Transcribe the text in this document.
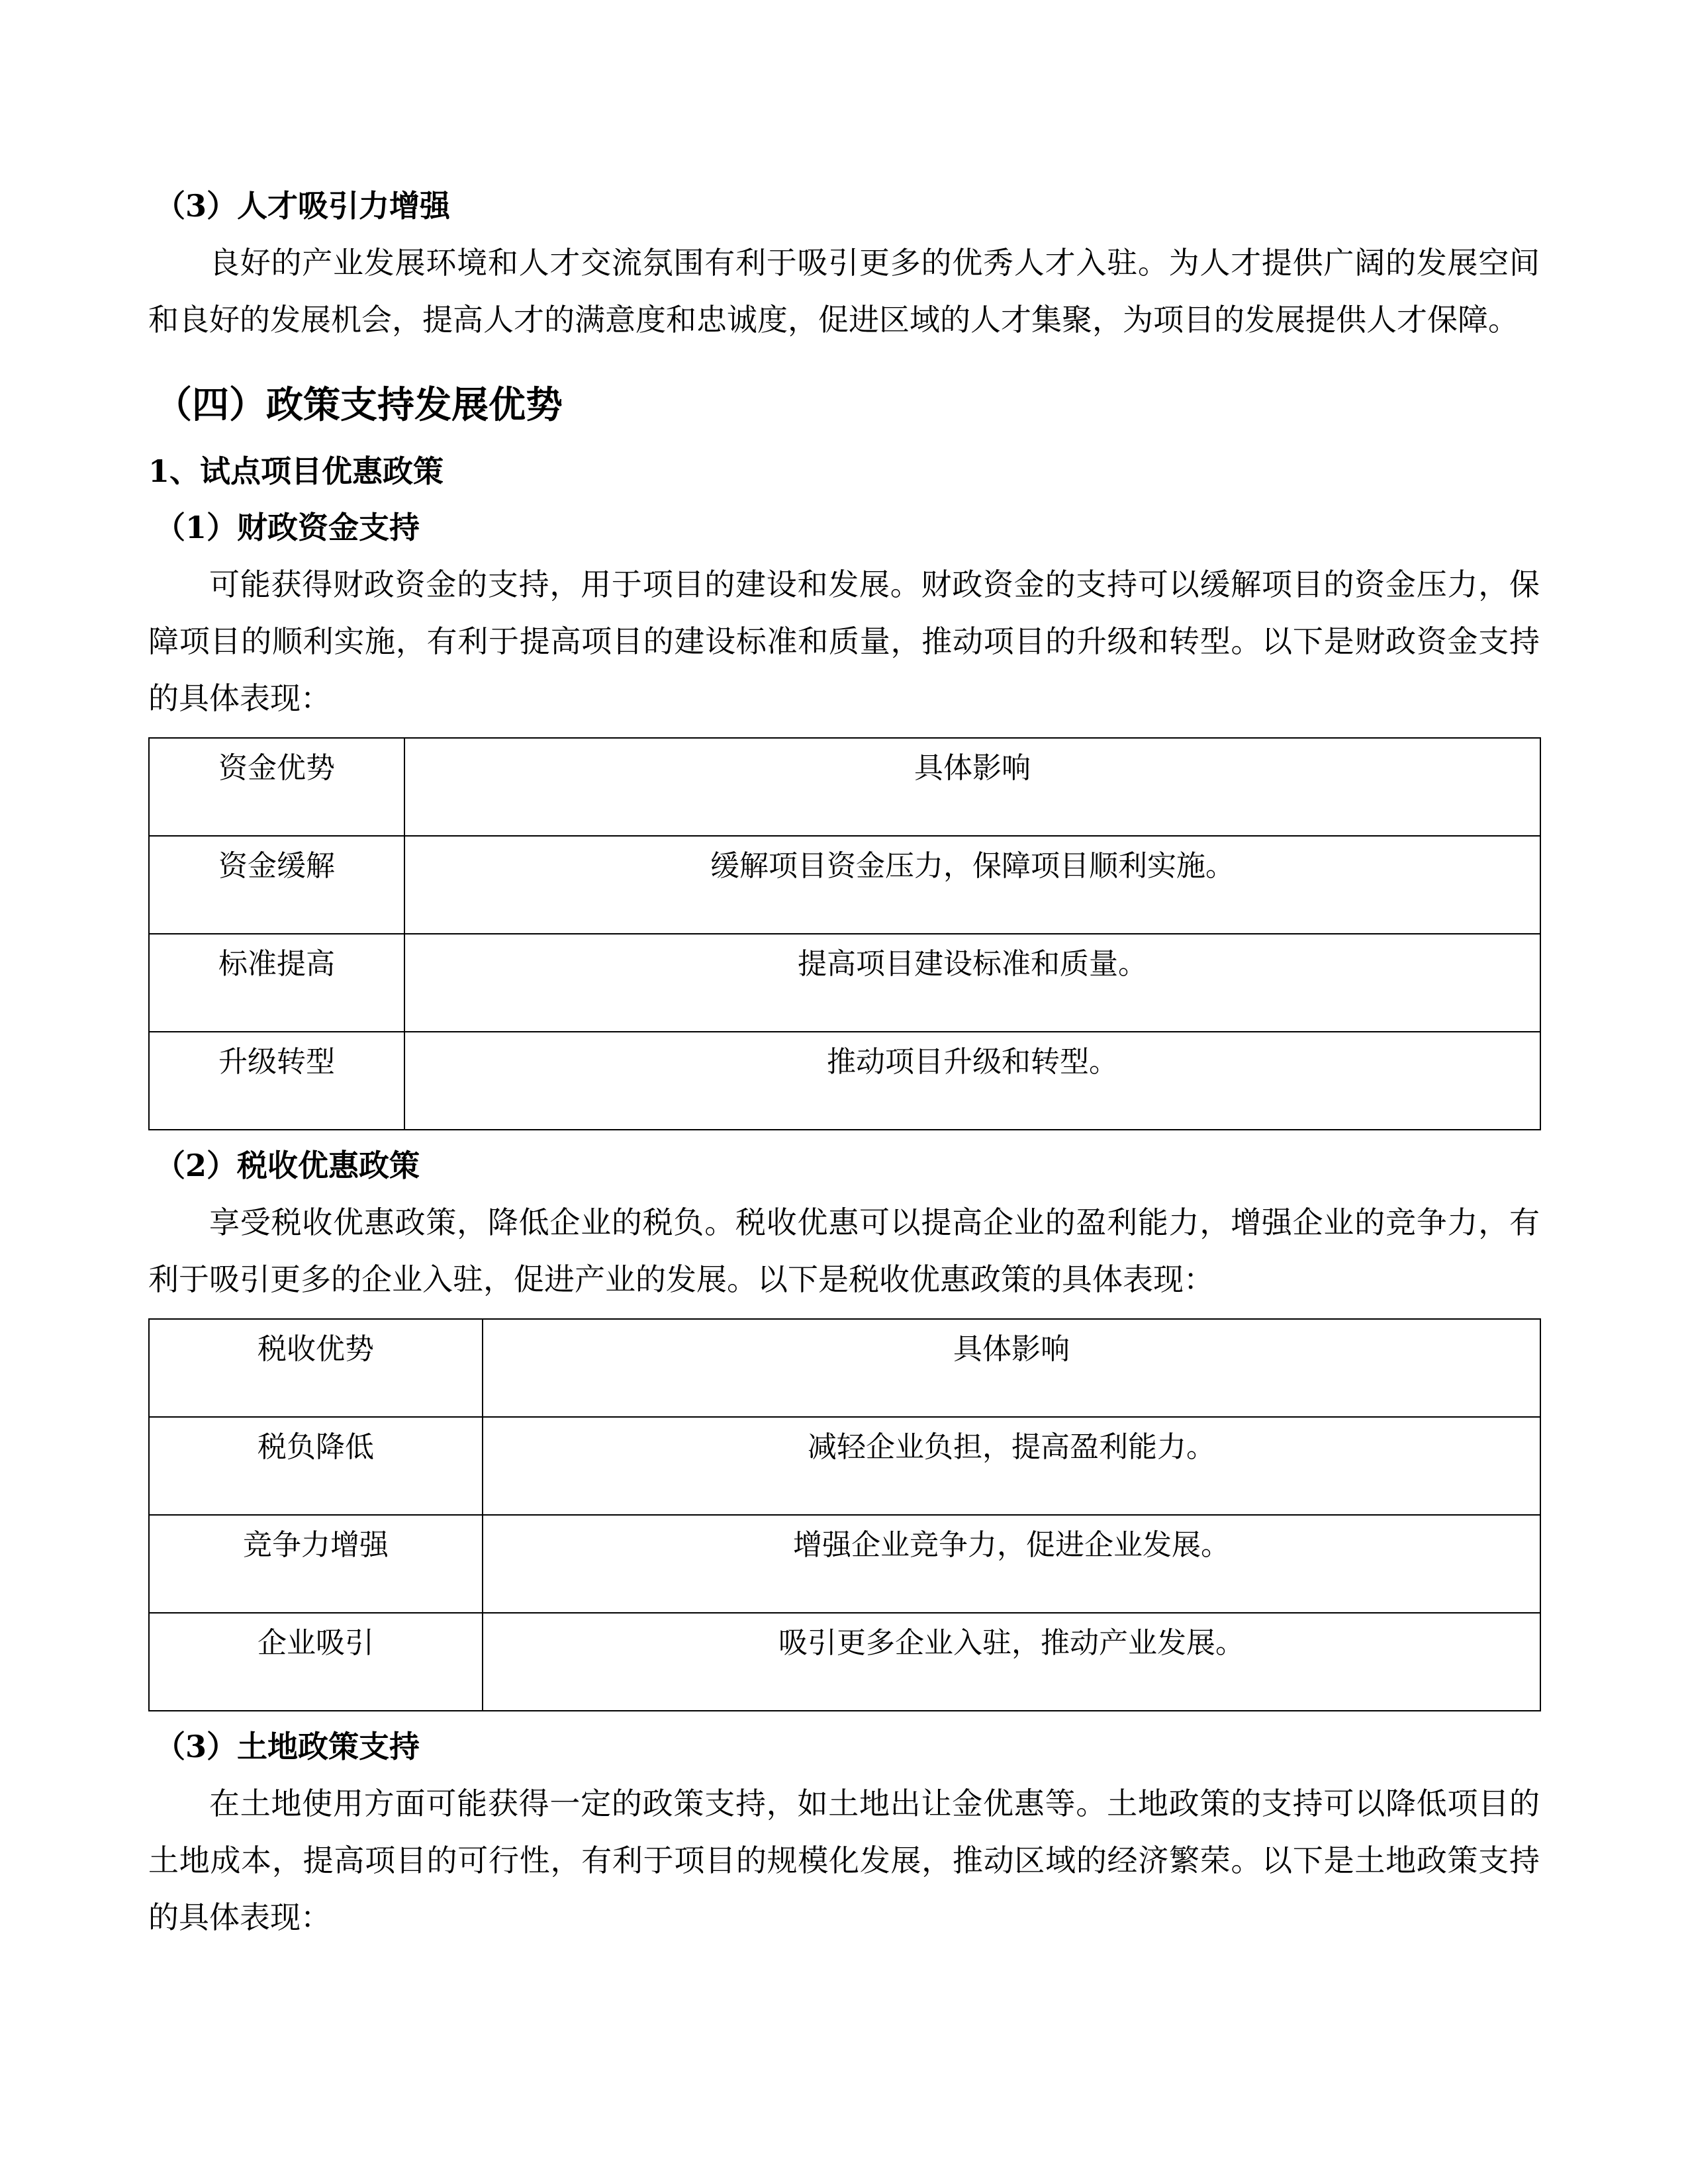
（3）人才吸引力增强

良好的产业发展环境和人才交流氛围有利于吸引更多的优秀人才入驻。为人才提供广阔的发展空间和良好的发展机会，提高人才的满意度和忠诚度，促进区域的人才集聚，为项目的发展提供人才保障。

（四）政策支持发展优势
1、试点项目优惠政策
（1）财政资金支持

可能获得财政资金的支持，用于项目的建设和发展。财政资金的支持可以缓解项目的资金压力，保障项目的顺利实施，有利于提高项目的建设标准和质量，推动项目的升级和转型。以下是财政资金支持的具体表现：

资金优势	具体影响
资金缓解	缓解项目资金压力，保障项目顺利实施。
标准提高	提高项目建设标准和质量。
升级转型	推动项目升级和转型。
（2）税收优惠政策

享受税收优惠政策，降低企业的税负。税收优惠可以提高企业的盈利能力，增强企业的竞争力，有利于吸引更多的企业入驻，促进产业的发展。以下是税收优惠政策的具体表现：

税收优势	具体影响
税负降低	减轻企业负担，提高盈利能力。
竞争力增强	增强企业竞争力，促进企业发展。
企业吸引	吸引更多企业入驻，推动产业发展。
（3）土地政策支持

在土地使用方面可能获得一定的政策支持，如土地出让金优惠等。土地政策的支持可以降低项目的土地成本，提高项目的可行性，有利于项目的规模化发展，推动区域的经济繁荣。以下是土地政策支持的具体表现：
